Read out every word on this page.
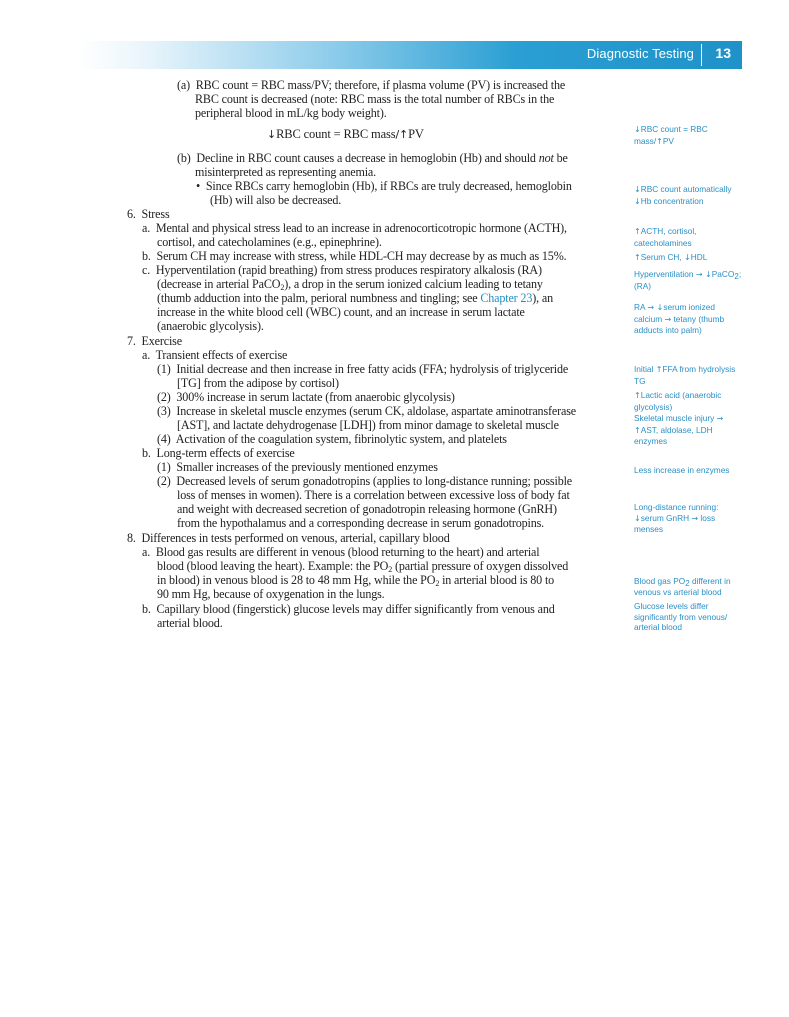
Diagnostic Testing 13
(a)  RBC count = RBC mass/PV; therefore, if plasma volume (PV) is increased the
RBC count is decreased (note: RBC mass is the total number of RBCs in the
peripheral blood in mL/kg body weight).
↓RBC count = RBC mass/↑PV
(b)  Decline in RBC count causes a decrease in hemoglobin (Hb) and should not be
misinterpreted as representing anemia.
•  Since RBCs carry hemoglobin (Hb), if RBCs are truly decreased, hemoglobin
(Hb) will also be decreased.
6.  Stress
a.  Mental and physical stress lead to an increase in adrenocorticotropic hormone (ACTH),
cortisol, and catecholamines (e.g., epinephrine).
b.  Serum CH may increase with stress, while HDL-CH may decrease by as much as 15%.
c.  Hyperventilation (rapid breathing) from stress produces respiratory alkalosis (RA)
(decrease in arterial PaCO$_2$), a drop in the serum ionized calcium leading to tetany
(thumb adduction into the palm, perioral numbness and tingling; see Chapter 23), an
increase in the white blood cell (WBC) count, and an increase in serum lactate
(anaerobic glycolysis).
7.  Exercise
a.  Transient effects of exercise
(1)  Initial decrease and then increase in free fatty acids (FFA; hydrolysis of triglyceride
[TG] from the adipose by cortisol)
(2)  300% increase in serum lactate (from anaerobic glycolysis)
(3)  Increase in skeletal muscle enzymes (serum CK, aldolase, aspartate aminotransferase
[AST], and lactate dehydrogenase [LDH]) from minor damage to skeletal muscle
(4)  Activation of the coagulation system, fibrinolytic system, and platelets
b.  Long-term effects of exercise
(1)  Smaller increases of the previously mentioned enzymes
(2)  Decreased levels of serum gonadotropins (applies to long-distance running; possible
loss of menses in women). There is a correlation between excessive loss of body fat
and weight with decreased secretion of gonadotropin releasing hormone (GnRH)
from the hypothalamus and a corresponding decrease in serum gonadotropins.
8.  Differences in tests performed on venous, arterial, capillary blood
a.  Blood gas results are different in venous (blood returning to the heart) and arterial
blood (blood leaving the heart). Example: the $PO_2$ (partial pressure of oxygen dissolved
in blood) in venous blood is 28 to 48 mm Hg, while the $PO_2$ in arterial blood is 80 to
90 mm Hg, because of oxygenation in the lungs.
b.  Capillary blood (fingerstick) glucose levels may differ significantly from venous and
arterial blood.
↓RBC count = RBC
mass/↑PV
↓RBC count automatically
↓Hb concentration
↑ACTH, cortisol,
catecholamines
↑Serum CH, ↓HDL
Hyperventilation → ↓PaCO$_2$;
(RA)
RA → ↓serum ionized
calcium → tetany (thumb
adducts into palm)
Initial ↑FFA from hydrolysis
TG
↑Lactic acid (anaerobic
glycolysis)
Skeletal muscle injury →
↑AST, aldolase, LDH
enzymes
Less increase in enzymes
Long-distance running:
↓serum GnRH → loss
menses
Blood gas $PO_2$ different in
venous vs arterial blood
Glucose levels differ
significantly from venous/
arterial blood
